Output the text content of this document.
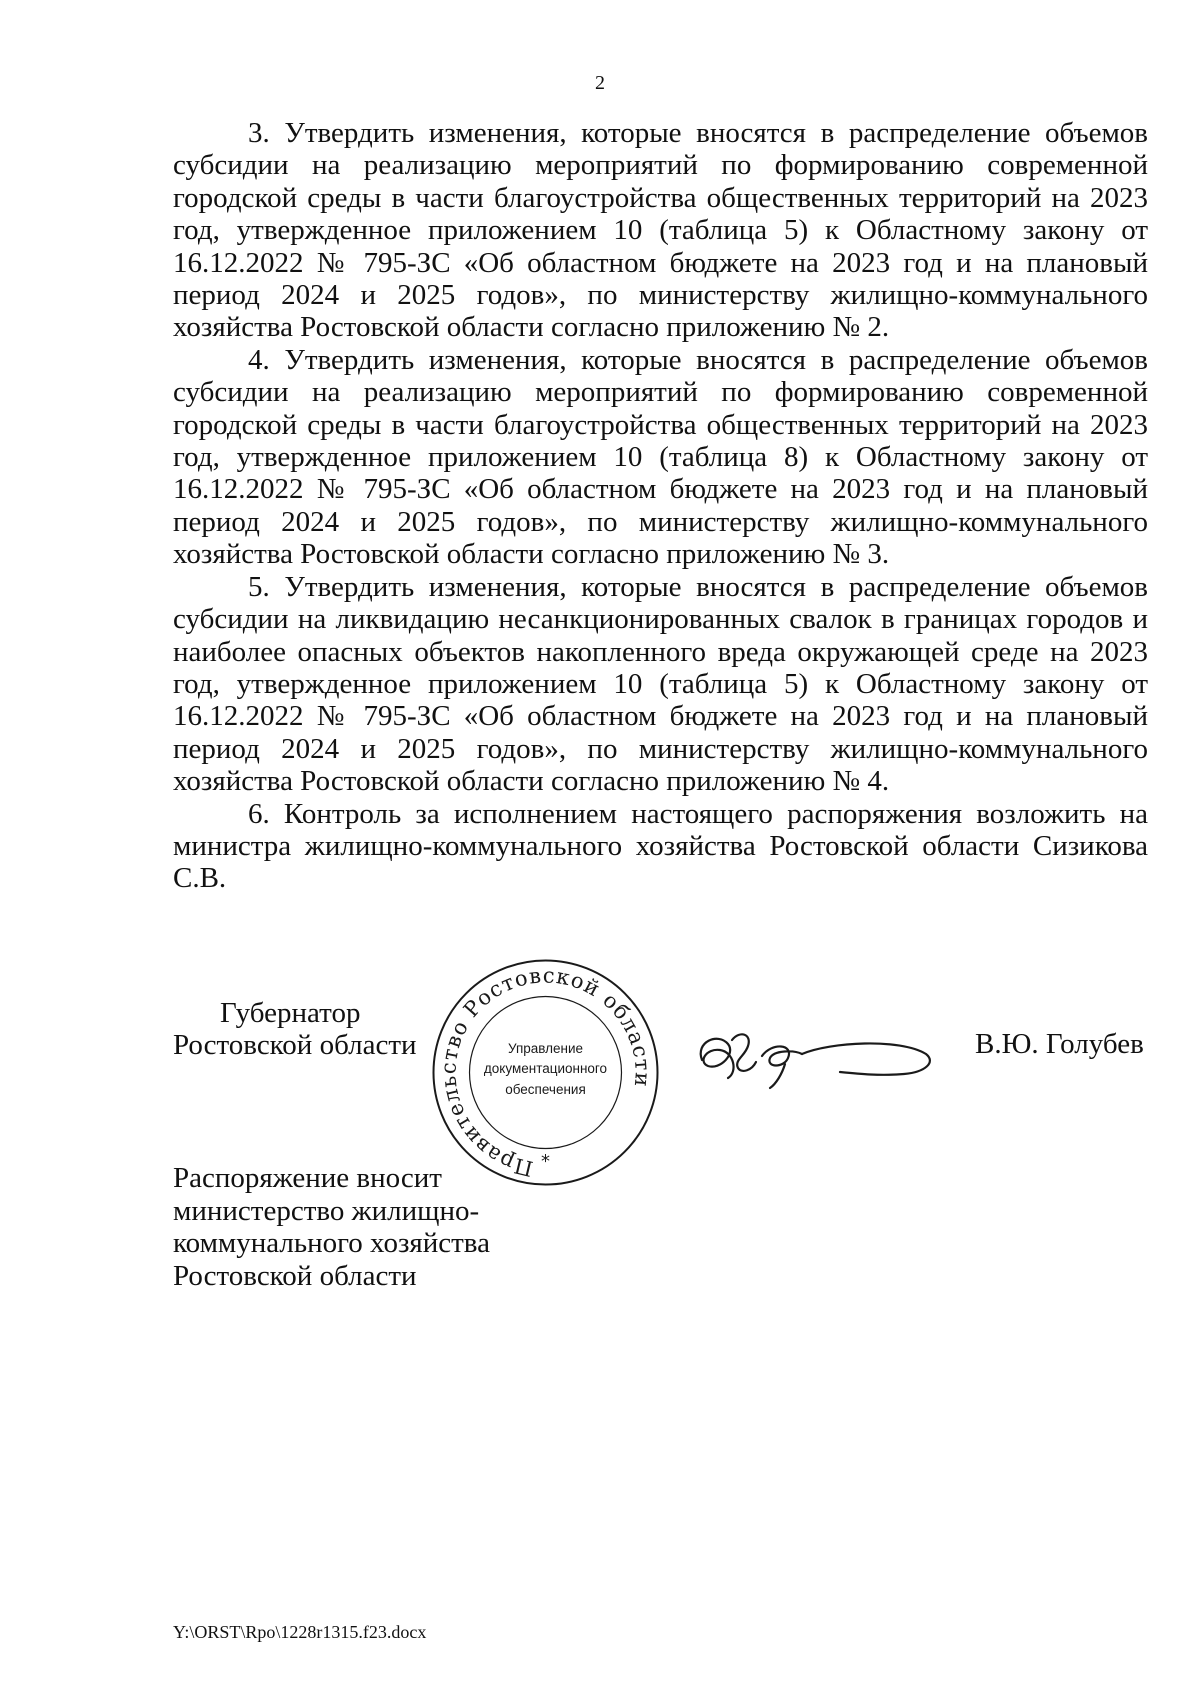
2

3. Утвердить изменения, которые вносятся в распределение объемов субсидии на реализацию мероприятий по формированию современной городской среды в части благоустройства общественных территорий на 2023 год, утвержденное приложением 10 (таблица 5) к Областному закону от 16.12.2022 № 795-ЗС «Об областном бюджете на 2023 год и на плановый период 2024 и 2025 годов», по министерству жилищно-коммунального хозяйства Ростовской области согласно приложению № 2.

4. Утвердить изменения, которые вносятся в распределение объемов субсидии на реализацию мероприятий по формированию современной городской среды в части благоустройства общественных территорий на 2023 год, утвержденное приложением 10 (таблица 8) к Областному закону от 16.12.2022 № 795-ЗС «Об областном бюджете на 2023 год и на плановый период 2024 и 2025 годов», по министерству жилищно-коммунального хозяйства Ростовской области согласно приложению № 3.

5. Утвердить изменения, которые вносятся в распределение объемов субсидии на ликвидацию несанкционированных свалок в границах городов и наиболее опасных объектов накопленного вреда окружающей среде на 2023 год, утвержденное приложением 10 (таблица 5) к Областному закону от 16.12.2022 № 795-ЗС «Об областном бюджете на 2023 год и на плановый период 2024 и 2025 годов», по министерству жилищно-коммунального хозяйства Ростовской области согласно приложению № 4.

6. Контроль за исполнением настоящего распоряжения возложить на министра жилищно-коммунального хозяйства Ростовской области Сизикова С.В.

Губернатор
Ростовской области
Правительство Ростовской области
Управление
документационного
обеспечения
*
В.Ю. Голубев
Распоряжение вносит
министерство жилищно-
коммунального хозяйства
Ростовской области
Y:\ORST\Rpo\1228r1315.f23.docx
